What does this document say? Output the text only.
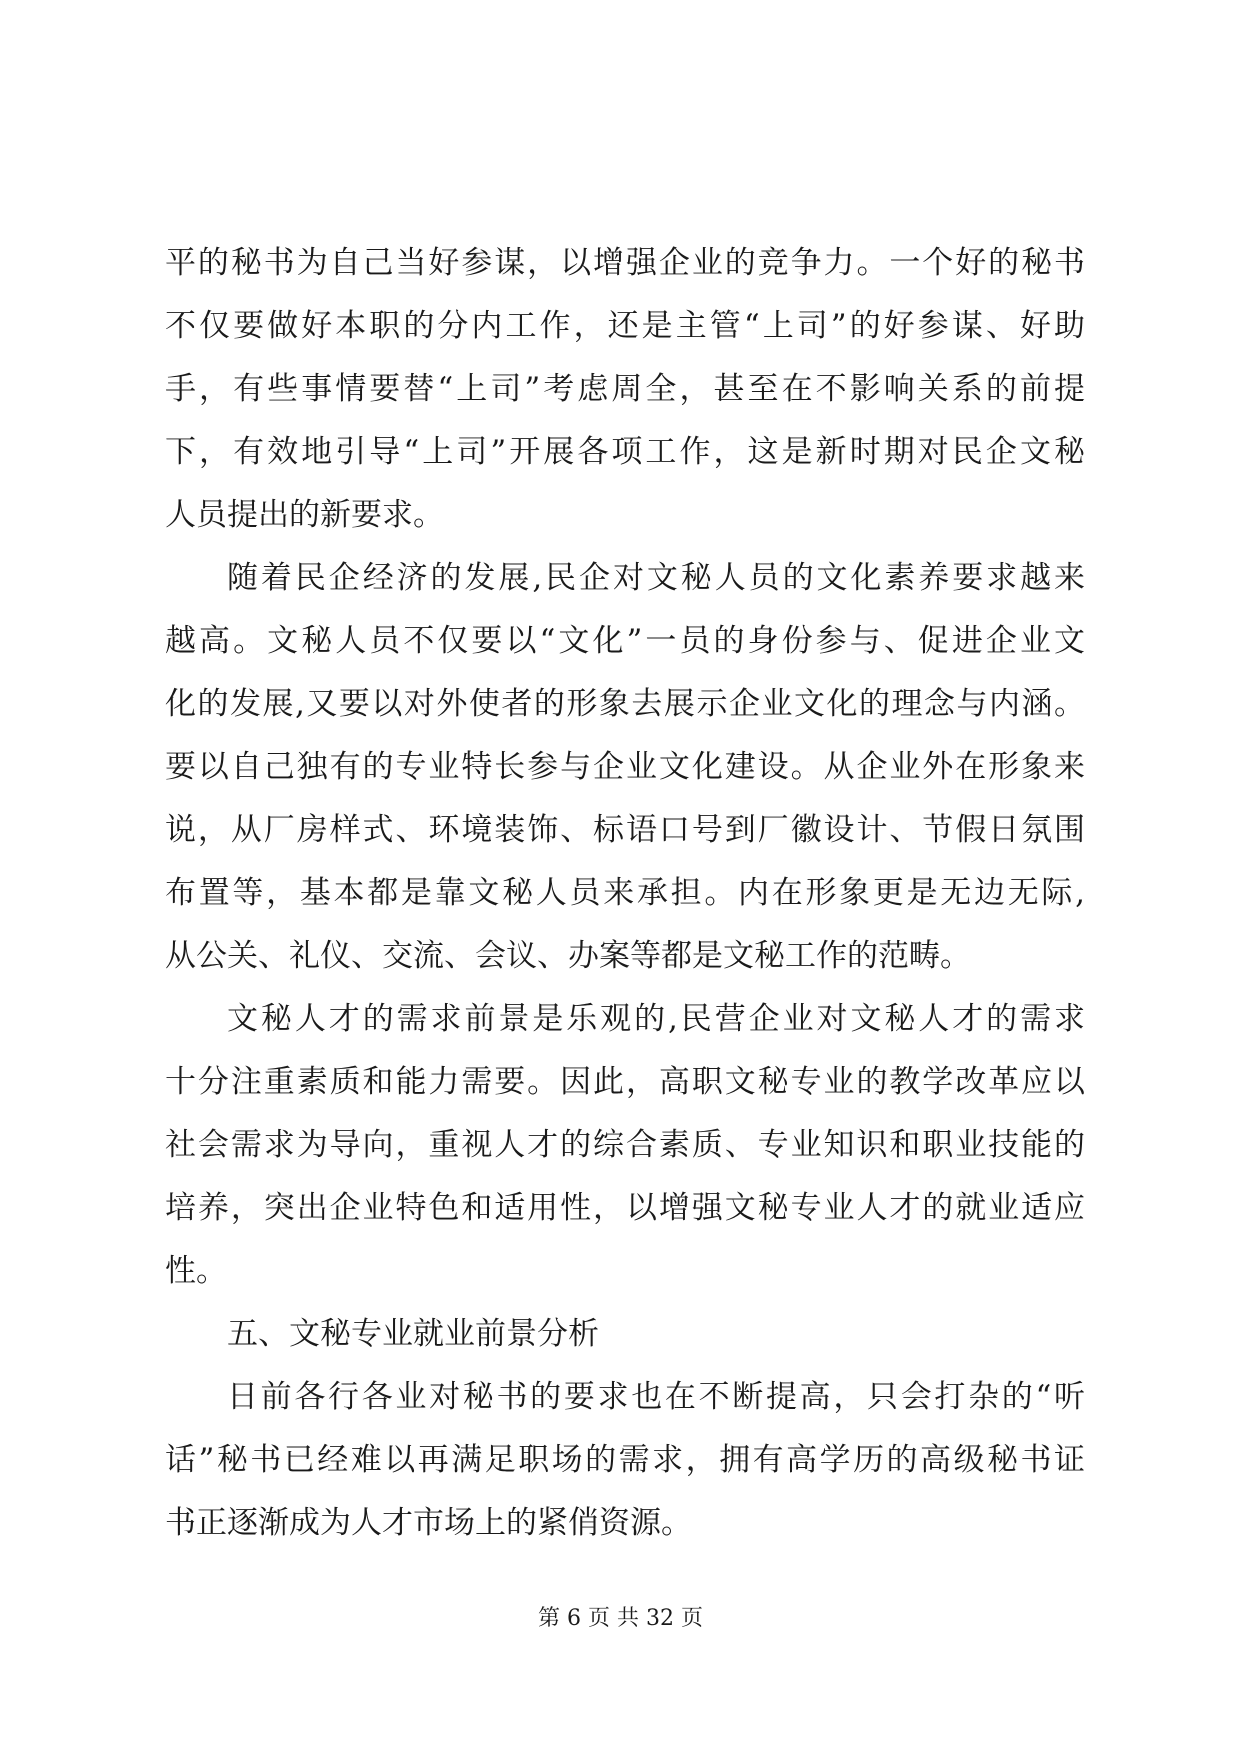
平的秘书为自己当好参谋，以增强企业的竞争力。一个好的秘书
不仅要做好本职的分内工作，还是主管“上司”的好参谋、好助
手，有些事情要替“上司”考虑周全，甚至在不影响关系的前提
下，有效地引导“上司”开展各项工作，这是新时期对民企文秘
人员提出的新要求。
随着民企经济的发展,民企对文秘人员的文化素养要求越来
越高。文秘人员不仅要以“文化”一员的身份参与、促进企业文
化的发展,又要以对外使者的形象去展示企业文化的理念与内涵。
要以自己独有的专业特长参与企业文化建设。从企业外在形象来
说，从厂房样式、环境装饰、标语口号到厂徽设计、节假日氛围
布置等，基本都是靠文秘人员来承担。内在形象更是无边无际,
从公关、礼仪、交流、会议、办案等都是文秘工作的范畴。
文秘人才的需求前景是乐观的,民营企业对文秘人才的需求
十分注重素质和能力需要。因此，高职文秘专业的教学改革应以
社会需求为导向，重视人才的综合素质、专业知识和职业技能的
培养，突出企业特色和适用性，以增强文秘专业人才的就业适应
性。
五、文秘专业就业前景分析
日前各行各业对秘书的要求也在不断提高，只会打杂的“听
话”秘书已经难以再满足职场的需求，拥有高学历的高级秘书证
书正逐渐成为人才市场上的紧俏资源。
第 6 页 共 32 页
